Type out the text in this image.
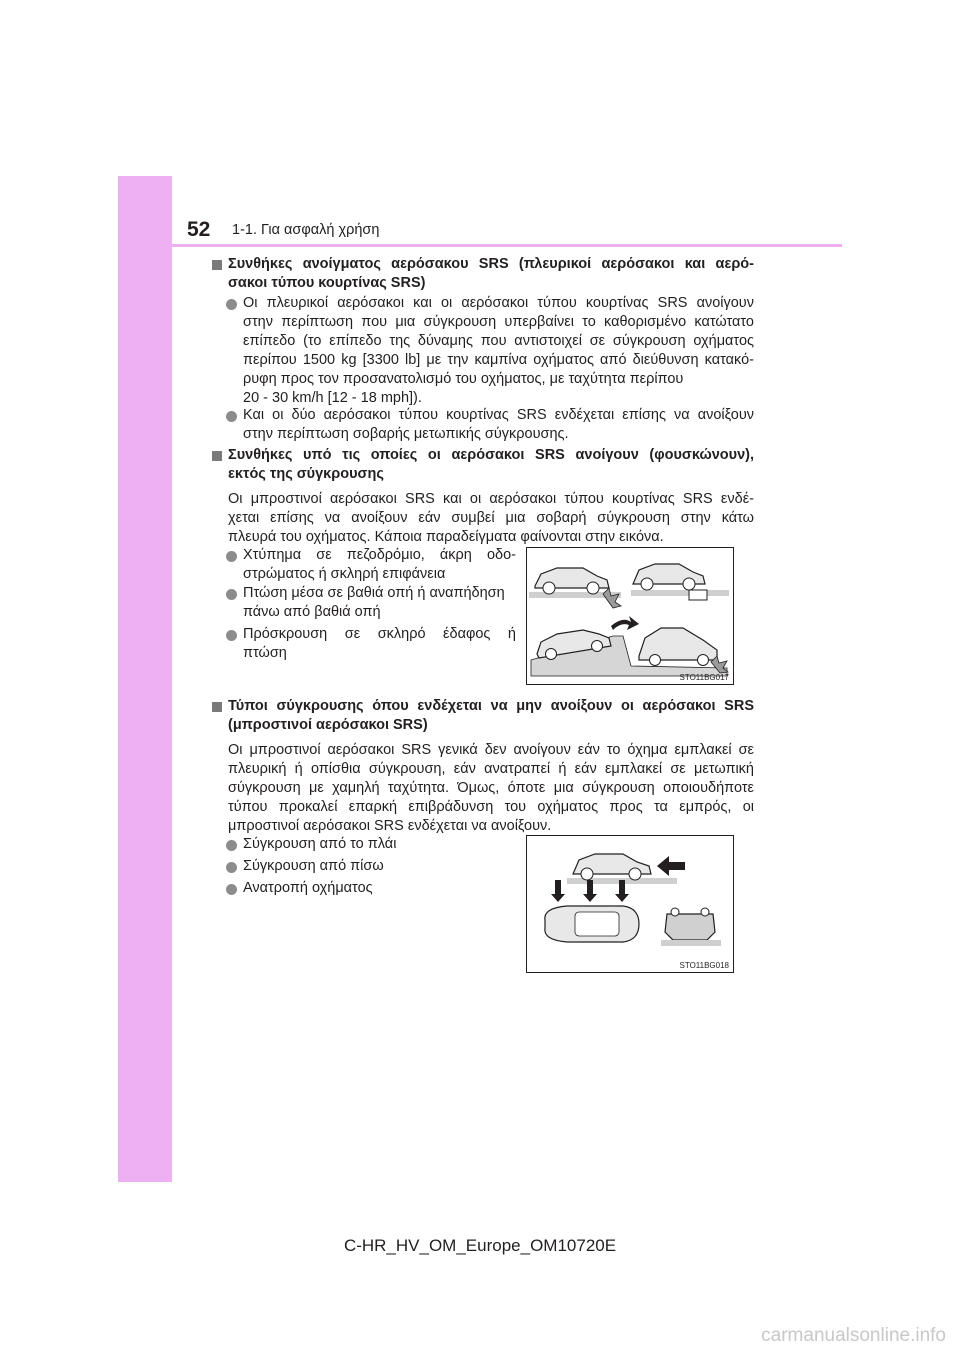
52 1-1. Για ασφαλή χρήση

Συνθήκες ανοίγματος αερόσακου SRS (πλευρικοί αερόσακοι και αερό-

σακοι τύπου κουρτίνας SRS)

Οι πλευρικοί αερόσακοι και οι αερόσακοι τύπου κουρτίνας SRS ανοίγουν

στην περίπτωση που μια σύγκρουση υπερβαίνει το καθορισμένο κατώτατο

επίπεδο (το επίπεδο της δύναμης που αντιστοιχεί σε σύγκρουση οχήματος

περίπου 1500 kg [3300 lb] με την καμπίνα οχήματος από διεύθυνση κατακό-

ρυφη προς τον προσανατολισμό του οχήματος, με ταχύτητα περίπου

20 - 30 km/h [12 - 18 mph]).

Και οι δύο αερόσακοι τύπου κουρτίνας SRS ενδέχεται επίσης να ανοίξουν

στην περίπτωση σοβαρής μετωπικής σύγκρουσης.

Συνθήκες υπό τις οποίες οι αερόσακοι SRS ανοίγουν (φουσκώνουν),

εκτός της σύγκρουσης

Οι μπροστινοί αερόσακοι SRS και οι αερόσακοι τύπου κουρτίνας SRS ενδέ-

χεται επίσης να ανοίξουν εάν συμβεί μια σοβαρή σύγκρουση στην κάτω

πλευρά του οχήματος. Κάποια παραδείγματα φαίνονται στην εικόνα.

Χτύπημα σε πεζοδρόμιο, άκρη οδο-

στρώματος ή σκληρή επιφάνεια

Πτώση μέσα σε βαθιά οπή ή αναπήδηση

πάνω από βαθιά οπή

Πρόσκρουση σε σκληρό έδαφος ή

πτώση

STO11BG017

Τύποι σύγκρουσης όπου ενδέχεται να μην ανοίξουν οι αερόσακοι SRS

(μπροστινοί αερόσακοι SRS)

Οι μπροστινοί αερόσακοι SRS γενικά δεν ανοίγουν εάν το όχημα εμπλακεί σε

πλευρική ή οπίσθια σύγκρουση, εάν ανατραπεί ή εάν εμπλακεί σε μετωπική

σύγκρουση με χαμηλή ταχύτητα. Όμως, όποτε μια σύγκρουση οποιουδήποτε

τύπου προκαλεί επαρκή επιβράδυνση του οχήματος προς τα εμπρός, οι

μπροστινοί αερόσακοι SRS ενδέχεται να ανοίξουν.

Σύγκρουση από το πλάι

Σύγκρουση από πίσω

Ανατροπή οχήματος

STO11BG018
C-HR_HV_OM_Europe_OM10720E
carmanualsonline.info
